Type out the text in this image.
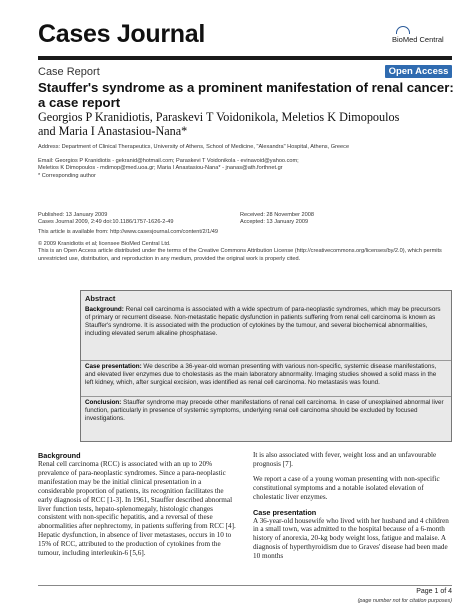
Cases Journal	BioMed Central
Case Report	Open Access
Stauffer's syndrome as a prominent manifestation of renal cancer:
a case report
Georgios P Kranidiotis, Paraskevi T Voidonikola, Meletios K Dimopoulos
and Maria I Anastasiou-Nana*
Address: Department of Clinical Therapeutics, University of Athens, School of Medicine, "Alexandra" Hospital, Athens, Greece
Email: Georgios P Kranidiotis - gekranid@hotmail.com; Paraskevi T Voidonikola - evinavoid@yahoo.com;
Meletios K Dimopoulos - mdimop@med.uoa.gr; Maria I Anastasiou-Nana* - jnanas@ath.forthnet.gr
* Corresponding author
Published: 13 January 2009
Cases Journal 2009, 2:49 doi:10.1186/1757-1626-2-49
Received: 28 November 2008
Accepted: 13 January 2009
This article is available from: http://www.casesjournal.com/content/2/1/49
© 2009 Kranidiotis et al; licensee BioMed Central Ltd.
This is an Open Access article distributed under the terms of the Creative Commons Attribution License (http://creativecommons.org/licenses/by/2.0), which permits unrestricted use, distribution, and reproduction in any medium, provided the original work is properly cited.
Abstract
Background: Renal cell carcinoma is associated with a wide spectrum of para-neoplastic syndromes, which may be precursors of primary or recurrent disease. Non-metastatic hepatic dysfunction in patients suffering from renal cell carcinoma is known as Stauffer's syndrome. It is associated with the production of cytokines by the tumour, and several biochemical abnormalities, including elevated serum alkaline phosphatase.
Case presentation: We describe a 36-year-old woman presenting with various non-specific, systemic disease manifestations, and elevated liver enzymes due to cholestasis as the main laboratory abnormality. Imaging studies showed a solid mass in the left kidney, which, after surgical excision, was identified as renal cell carcinoma. No metastasis was found.
Conclusion: Stauffer syndrome may precede other manifestations of renal cell carcinoma. In case of unexplained abnormal liver function, particularly in presence of systemic symptoms, underlying renal cell carcinoma should be excluded by focused investigations.
Background
Renal cell carcinoma (RCC) is associated with an up to 20% prevalence of para-neoplastic syndromes. Since a para-neoplastic manifestation may be the initial clinical presentation in a considerable proportion of patients, its recognition facilitates the early diagnosis of RCC [1-3]. In 1961, Stauffer described abnormal liver function tests, hepato-splenomegaly, histologic changes consistent with non-specific hepatitis, and a reversal of these abnormalities after nephrectomy, in patients suffering from RCC [4]. Hepatic dysfunction, in absence of liver metastases, occurs in 10 to 15% of RCC, attributed to the production of cytokines from the tumour, including interleukin-6 [5,6].
It is also associated with fever, weight loss and an unfavourable prognosis [7].
We report a case of a young woman presenting with non-specific constitutional symptoms and a notable isolated elevation of cholestatic liver enzymes.
Case presentation
A 36-year-old housewife who lived with her husband and 4 children in a small town, was admitted to the hospital because of a 6-month history of anorexia, 20-kg body weight loss, fatigue and malaise. A diagnosis of hyperthyroidism due to Graves' disease had been made 10 months
Page 1 of 4
(page number not for citation purposes)
